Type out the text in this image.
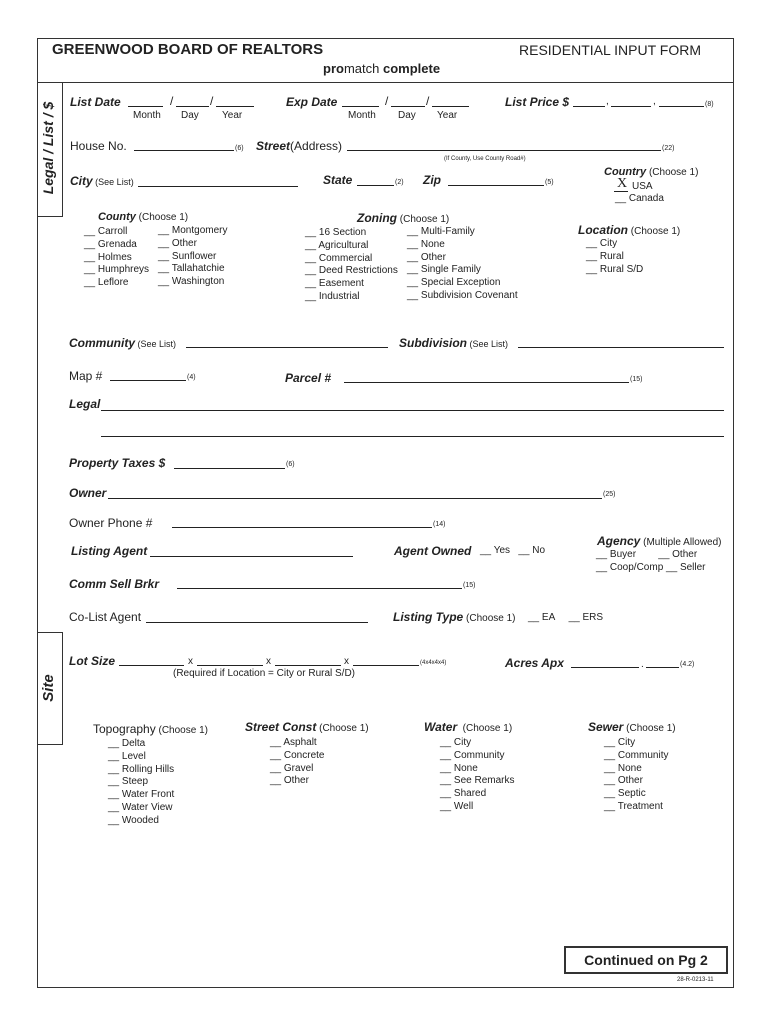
GREENWOOD BOARD OF REALTORS	RESIDENTIAL INPUT FORM
promatch complete
Legal / List / $
Site
List Date	/	/
Month Day Year
Exp Date	/	/
Month Day Year
List Price $	,	,	(8)
House No.	(6) Street(Address)	(22)
(If County, Use County Road#)
City (See List)	State	(2) Zip	(5)
Country (Choose 1)
X USA
__ Canada
County (Choose 1)
__ Carroll
__ Grenada
__ Holmes
__ Humphreys
__ Leflore
__ Montgomery
__ Other
__ Sunflower
__ Tallahatchie
__ Washington
Zoning (Choose 1)
__ 16 Section
__ Agricultural
__ Commercial
__ Deed Restrictions
__ Easement
__ Industrial
__ Multi-Family
__ None
__ Other
__ Single Family
__ Special Exception
__ Subdivision Covenant
Location (Choose 1)
__ City
__ Rural
__ Rural S/D
Community (See List)	Subdivision (See List)
Map #	(4)	Parcel #	(15)
Legal
Property Taxes $	(6)
Owner	(25)
Owner Phone #	(14)
Agency (Multiple Allowed)
__ Buyer        __ Other
__ Coop/Comp __ Seller
Listing Agent	Agent Owned __ Yes   __ No
Comm Sell Brkr	(15)
Co-List Agent	Listing Type (Choose 1) __ EA     __ ERS
Lot Size	x	x	x	(4x4x4x4)
(Required if Location = City or Rural S/D)
Acres Apx	.	(4.2)
Topography (Choose 1)
__ Delta
__ Level
__ Rolling Hills
__ Steep
__ Water Front
__ Water View
__ Wooded
Street Const (Choose 1)
__ Asphalt
__ Concrete
__ Gravel
__ Other
Water  (Choose 1)
__ City
__ Community
__ None
__ See Remarks
__ Shared
__ Well
Sewer (Choose 1)
__ City
__ Community
__ None
__ Other
__ Septic
__ Treatment
Continued on Pg 2
28-R-0213-11
